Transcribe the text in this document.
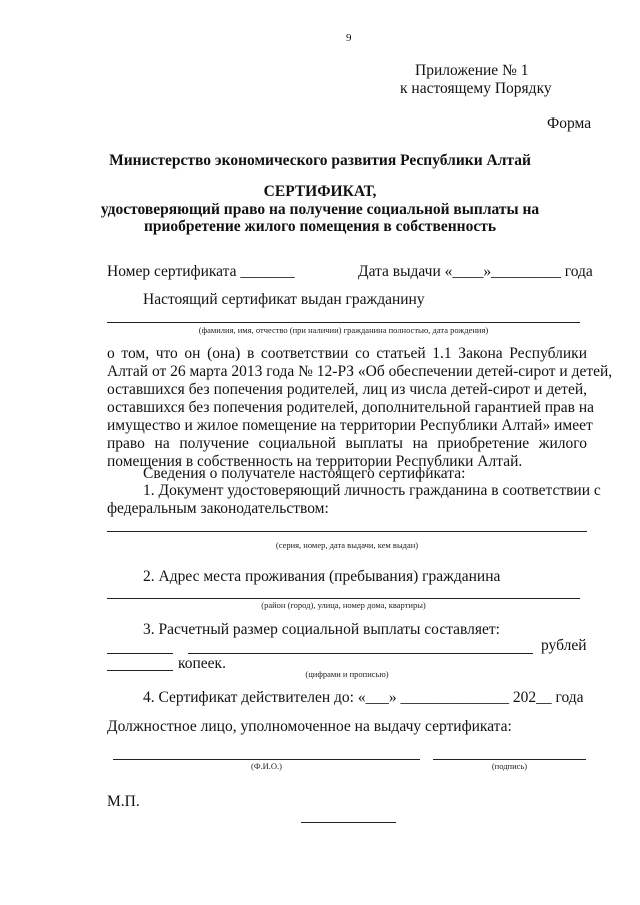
9
Приложение № 1
к настоящему Порядку
Форма
Министерство экономического развития Республики Алтай
СЕРТИФИКАТ,
удостоверяющий право на получение социальной выплаты на
приобретение жилого помещения в собственность
Номер сертификата _______	Дата выдачи «____»_________ года
Настоящий сертификат выдан гражданину
(фамилия, имя, отчество (при наличии) гражданина полностью, дата рождения)
о том, что он (она) в соответствии со статьей 1.1 Закона Республики
Алтай от 26 марта 2013 года № 12-РЗ «Об обеспечении детей-сирот и детей,
оставшихся без попечения родителей, лиц из числа детей-сирот и детей,
оставшихся без попечения родителей, дополнительной гарантией прав на
имущество и жилое помещение на территории Республики Алтай» имеет
право на получение социальной выплаты на приобретение жилого
помещения в собственность на территории Республики Алтай.
Сведения о получателе настоящего сертификата:
1. Документ удостоверяющий личность гражданина в соответствии с
федеральным законодательством:
(серия, номер, дата выдачи, кем выдан)
2. Адрес места проживания (пребывания) гражданина
(район (город), улица, номер дома, квартиры)
3. Расчетный размер социальной выплаты составляет:
рублей
копеек.
(цифрами и прописью)
4. Сертификат действителен до: «___» ______________ 202__ года
Должностное лицо, уполномоченное на выдачу сертификата:
(Ф.И.О.)	(подпись)
М.П.
